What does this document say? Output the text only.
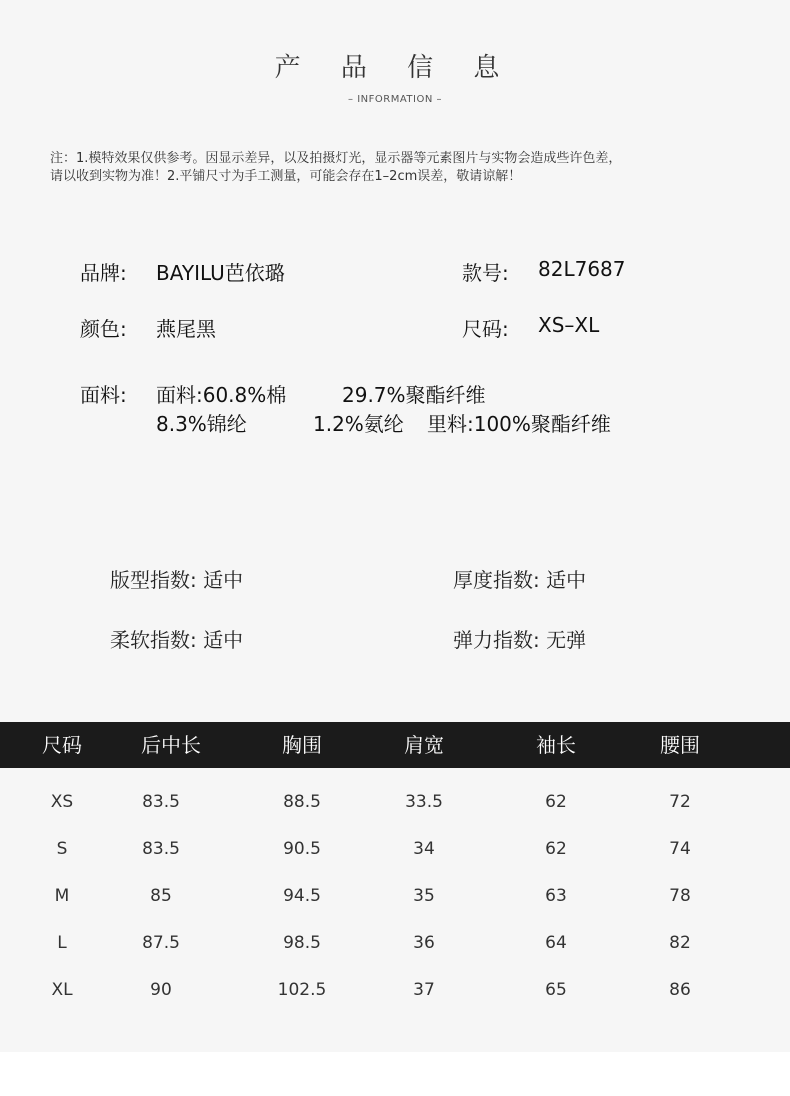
产 品 信 息
– INFORMATION –
注：1.模特效果仅供参考。因显示差异，以及拍摄灯光，显示器等元素图片与实物会造成些许色差，
请以收到实物为准！2.平铺尺寸为手工测量，可能会存在1–2cm误差，敬请谅解！
品牌: BAYILU芭依璐	款号: 82L7687
颜色: 燕尾黑	尺码: XS–XL
面料: 面料:60.8%棉	29.7%聚酯纤维
8.3%锦纶	1.2%氨纶 里料:100%聚酯纤维
版型指数: 适中	厚度指数: 适中
柔软指数: 适中	弹力指数: 无弹
尺码	后中长	胸围	肩宽	袖长	腰围
XS	83.5	88.5	33.5	62	72
S	83.5	90.5	34	62	74
M	85	94.5	35	63	78
L	87.5	98.5	36	64	82
XL	90	102.5	37	65	86
